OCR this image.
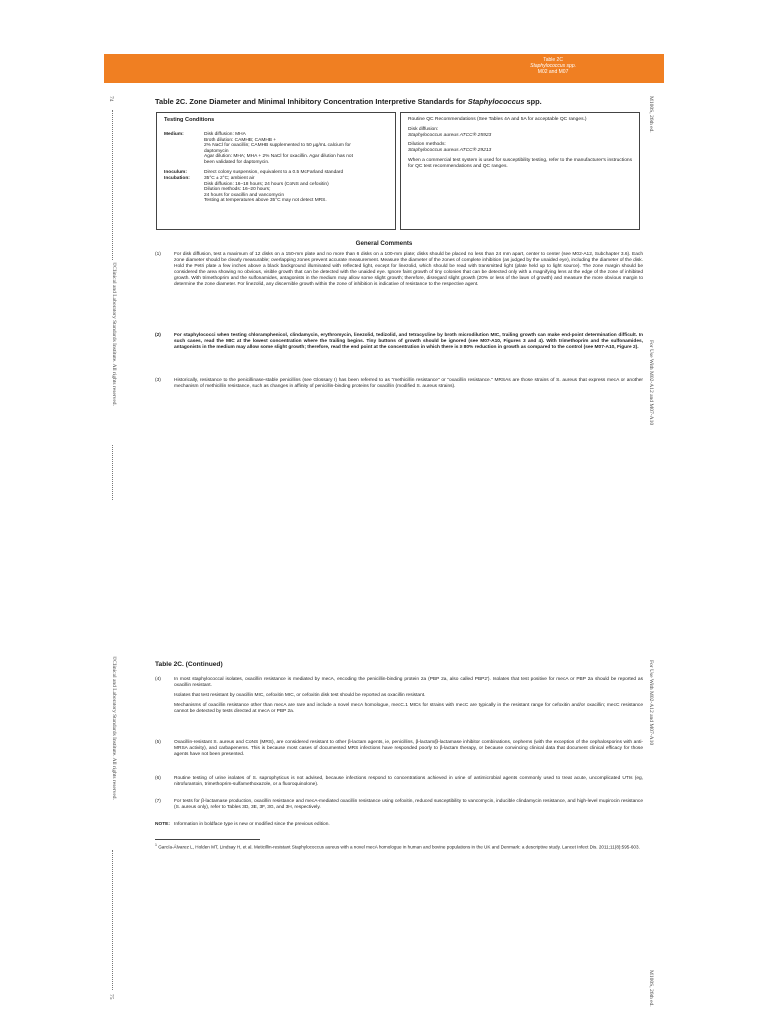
Table 2C
Staphylococcus spp.
M02 and M07
74
©Clinical and Laboratory Standards Institute. All rights reserved.
M100S, 26th ed.
For Use With M02-A12 and M07-A10
Table 2C. Zone Diameter and Minimal Inhibitory Concentration Interpretive Standards for Staphylococcus spp.
Testing Conditions
Medium:	Disk diffusion: MHA
Broth dilution: CAMHB; CAMHB +
2% NaCl for oxacillin; CAMHB supplemented to 50 µg/mL calcium for
daptomycin
Agar dilution: MHA; MHA + 2% NaCl for oxacillin. Agar dilution has not
been validated for daptomycin.
Inoculum:	Direct colony suspension, equivalent to a 0.5 McFarland standard
Incubation:	35°C ± 2°C; ambient air
Disk diffusion: 16–18 hours; 24 hours (CoNS and cefoxitin)
Dilution methods: 16–20 hours;
24 hours for oxacillin and vancomycin
Testing at temperatures above 35°C may not detect MRS.

Routine QC Recommendations (See Tables 4A and 5A for acceptable QC ranges.)

Disk diffusion:
Staphylococcus aureus ATCC® 25923

Dilution methods:
Staphylococcus aureus ATCC® 29213

When a commercial test system is used for susceptibility testing, refer to the manufacturer's instructions for QC test recommendations and QC ranges.

General Comments
(1)	For disk diffusion, test a maximum of 12 disks on a 150-mm plate and no more than 6 disks on a 100-mm plate; disks should be placed no less than 24 mm apart, center to center (see M02-A12, Subchapter 3.6). Each zone diameter should be clearly measurable; overlapping zones prevent accurate measurement. Measure the diameter of the zones of complete inhibition (as judged by the unaided eye), including the diameter of the disk. Hold the Petri plate a few inches above a black background illuminated with reflected light, except for linezolid, which should be read with transmitted light (plate held up to light source). The zone margin should be considered the area showing no obvious, visible growth that can be detected with the unaided eye. Ignore faint growth of tiny colonies that can be detected only with a magnifying lens at the edge of the zone of inhibited growth. With trimethoprim and the sulfonamides, antagonists in the medium may allow some slight growth; therefore, disregard slight growth (20% or less of the lawn of growth) and measure the more obvious margin to determine the zone diameter. For linezolid, any discernible growth within the zone of inhibition is indicative of resistance to the respective agent.
(2)	For staphylococci when testing chloramphenicol, clindamycin, erythromycin, linezolid, tedizolid, and tetracycline by broth microdilution MIC, trailing growth can make end-point determination difficult. In such cases, read the MIC at the lowest concentration where the trailing begins. Tiny buttons of growth should be ignored (see M07-A10, Figures 3 and 4). With trimethoprim and the sulfonamides, antagonists in the medium may allow some slight growth; therefore, read the end point at the concentration in which there is ≥ 80% reduction in growth as compared to the control (see M07-A10, Figure 2).
(3)	Historically, resistance to the penicillinase-stable penicillins (see Glossary I) has been referred to as "methicillin resistance" or "oxacillin resistance." MRSAs are those strains of S. aureus that express mecA or another mechanism of methicillin resistance, such as changes in affinity of penicillin-binding proteins for oxacillin (modified S. aureus strains).
©Clinical and Laboratory Standards Institute. All rights reserved.
75
For Use With M02-A12 and M07-A10
M100S, 26th ed.
Table 2C. (Continued)
(4)	In most staphylococcal isolates, oxacillin resistance is mediated by mecA, encoding the penicillin-binding protein 2a (PBP 2a, also called PBP2'). Isolates that test positive for mecA or PBP 2a should be reported as oxacillin resistant.

Isolates that test resistant by oxacillin MIC, cefoxitin MIC, or cefoxitin disk test should be reported as oxacillin resistant.

Mechanisms of oxacillin resistance other than mecA are rare and include a novel mecA homologue, mecC.1 MICs for strains with mecC are typically in the resistant range for cefoxitin and/or oxacillin; mecC resistance cannot be detected by tests directed at mecA or PBP 2a.

(5)	Oxacillin-resistant S. aureus and CoNS (MRS), are considered resistant to other β-lactam agents, ie, penicillins, β-lactam/β-lactamase inhibitor combinations, cephems (with the exception of the cephalosporins with anti-MRSA activity), and carbapenems. This is because most cases of documented MRS infections have responded poorly to β-lactam therapy, or because convincing clinical data that document clinical efficacy for those agents have not been presented.

(6)	Routine testing of urine isolates of S. saprophyticus is not advised, because infections respond to concentrations achieved in urine of antimicrobial agents commonly used to treat acute, uncomplicated UTIs (eg, nitrofurantoin, trimethoprim-sulfamethoxazole, or a fluoroquinolone).

(7)	For tests for β-lactamase production, oxacillin resistance and mecA-mediated oxacillin resistance using cefoxitin, reduced susceptibility to vancomycin, inducible clindamycin resistance, and high-level mupirocin resistance (S. aureus only), refer to Tables 3D, 3E, 3F, 3G, and 3H, respectively.

NOTE: Information in boldface type is new or modified since the previous edition.
$^1$ García-Álvarez L, Holden MT, Lindsay H, et al. Meticillin-resistant Staphylococcus aureus with a novel mecA homologue in human and bovine populations in the UK and Denmark: a descriptive study. Lancet Infect Dis. 2011;11(8):595-603.
